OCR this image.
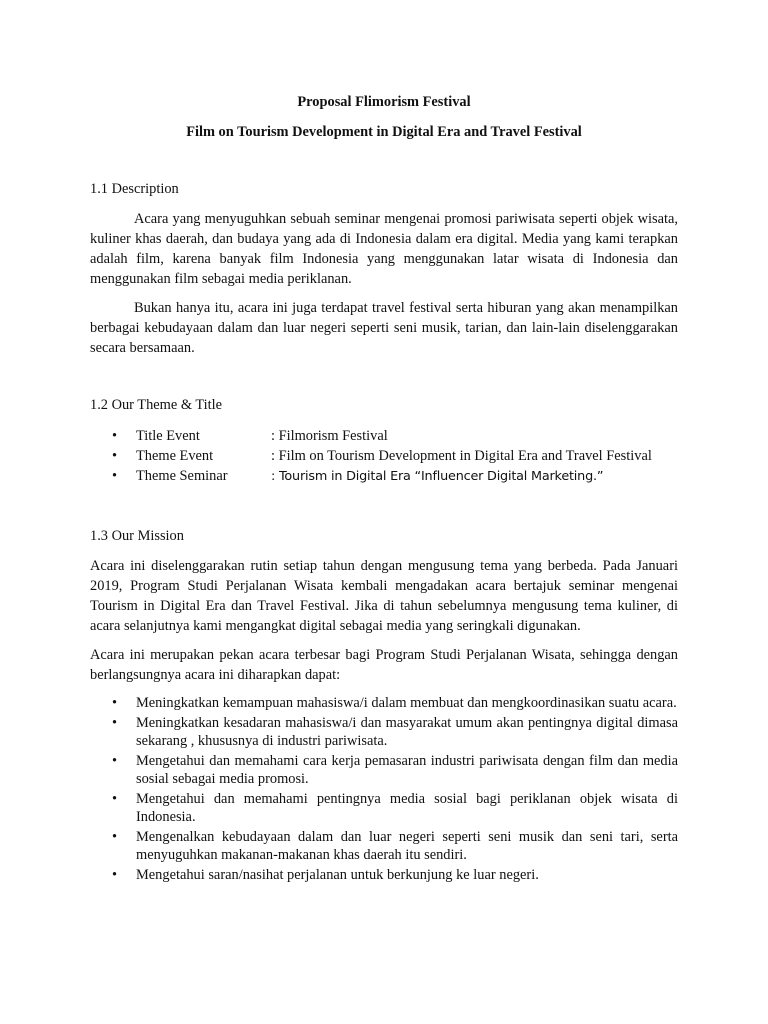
Proposal Flimorism Festival

Film on Tourism Development in Digital Era and Travel Festival

1.1 Description

Acara yang menyuguhkan sebuah seminar mengenai promosi pariwisata seperti objek wisata, kuliner khas daerah, dan budaya yang ada di Indonesia dalam era digital. Media yang kami terapkan adalah film, karena banyak film Indonesia yang menggunakan latar wisata di Indonesia dan menggunakan film sebagai media periklanan.

Bukan hanya itu, acara ini juga terdapat travel festival serta hiburan yang akan menampilkan berbagai kebudayaan dalam dan luar negeri seperti seni musik, tarian, dan lain-lain diselenggarakan secara bersamaan.

1.2 Our Theme & Title

• Title Event	: Filmorism Festival
• Theme Event	: Film on Tourism Development in Digital Era and Travel Festival
• Theme Seminar	: Tourism in Digital Era “Influencer Digital Marketing.”

1.3 Our Mission

Acara ini diselenggarakan rutin setiap tahun dengan mengusung tema yang berbeda. Pada Januari 2019, Program Studi Perjalanan Wisata kembali mengadakan acara bertajuk seminar mengenai Tourism in Digital Era dan Travel Festival. Jika di tahun sebelumnya mengusung tema kuliner, di acara selanjutnya kami mengangkat digital sebagai media yang seringkali digunakan.

Acara ini merupakan pekan acara terbesar bagi Program Studi Perjalanan Wisata, sehingga dengan berlangsungnya acara ini diharapkan dapat:

• Meningkatkan kemampuan mahasiswa/i dalam membuat dan mengkoordinasikan suatu acara.
• Meningkatkan kesadaran mahasiswa/i dan masyarakat umum akan pentingnya digital dimasa sekarang , khususnya di industri pariwisata.
• Mengetahui dan memahami cara kerja pemasaran industri pariwisata dengan film dan media sosial sebagai media promosi.
• Mengetahui dan memahami pentingnya media sosial bagi periklanan objek wisata di Indonesia.
• Mengenalkan kebudayaan dalam dan luar negeri seperti seni musik dan seni tari, serta menyuguhkan makanan-makanan khas daerah itu sendiri.
• Mengetahui saran/nasihat perjalanan untuk berkunjung ke luar negeri.
